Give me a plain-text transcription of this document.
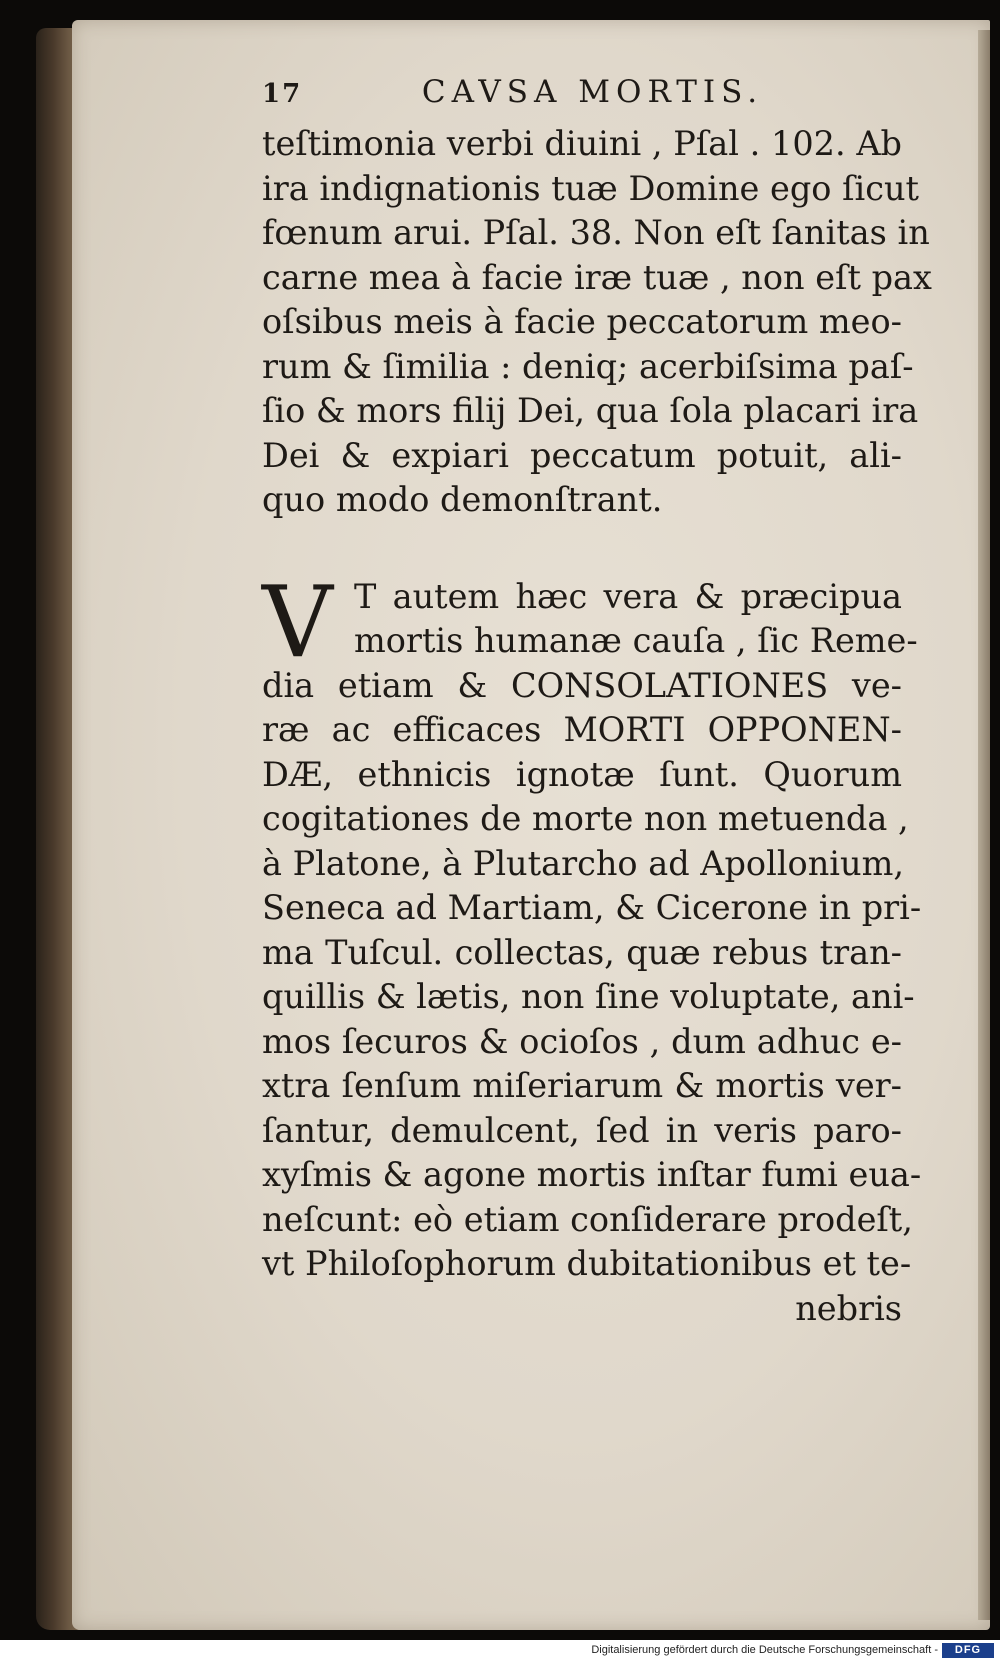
17	CAVSA MORTIS.
teſtimonia verbi diuini , Pſal . 102. Ab
ira indignationis tuæ Domine ego ſicut
fœnum arui. Pſal. 38. Non eſt ſanitas in
carne mea à facie iræ tuæ , non eſt pax
oſsibus meis à facie peccatorum meo-
rum & ſimilia : deniq; acerbiſsima paſ-
ſio & mors filij Dei, qua ſola placari ira
Dei & expiari peccatum potuit, ali-
quo modo demonſtrant.
V T autem hæc vera & præcipua
mortis humanæ cauſa , ſic Reme-
dia etiam & CONSOLATIONES ve-
ræ ac efficaces MORTI OPPONEN-
DÆ, ethnicis ignotæ ſunt. Quorum
cogitationes de morte non metuenda ,
à Platone, à Plutarcho ad Apollonium,
Seneca ad Martiam, & Cicerone in pri-
ma Tuſcul. collectas, quæ rebus tran-
quillis & lætis, non ſine voluptate, ani-
mos ſecuros & ocioſos , dum adhuc e-
xtra ſenſum miſeriarum & mortis ver-
ſantur, demulcent, ſed in veris paro-
xyſmis & agone mortis inſtar fumi eua-
neſcunt: eò etiam conſiderare prodeſt,
vt Philoſophorum dubitationibus et te-
nebris
Digitalisierung gefördert durch die Deutsche Forschungsgemeinschaft -	DFG
